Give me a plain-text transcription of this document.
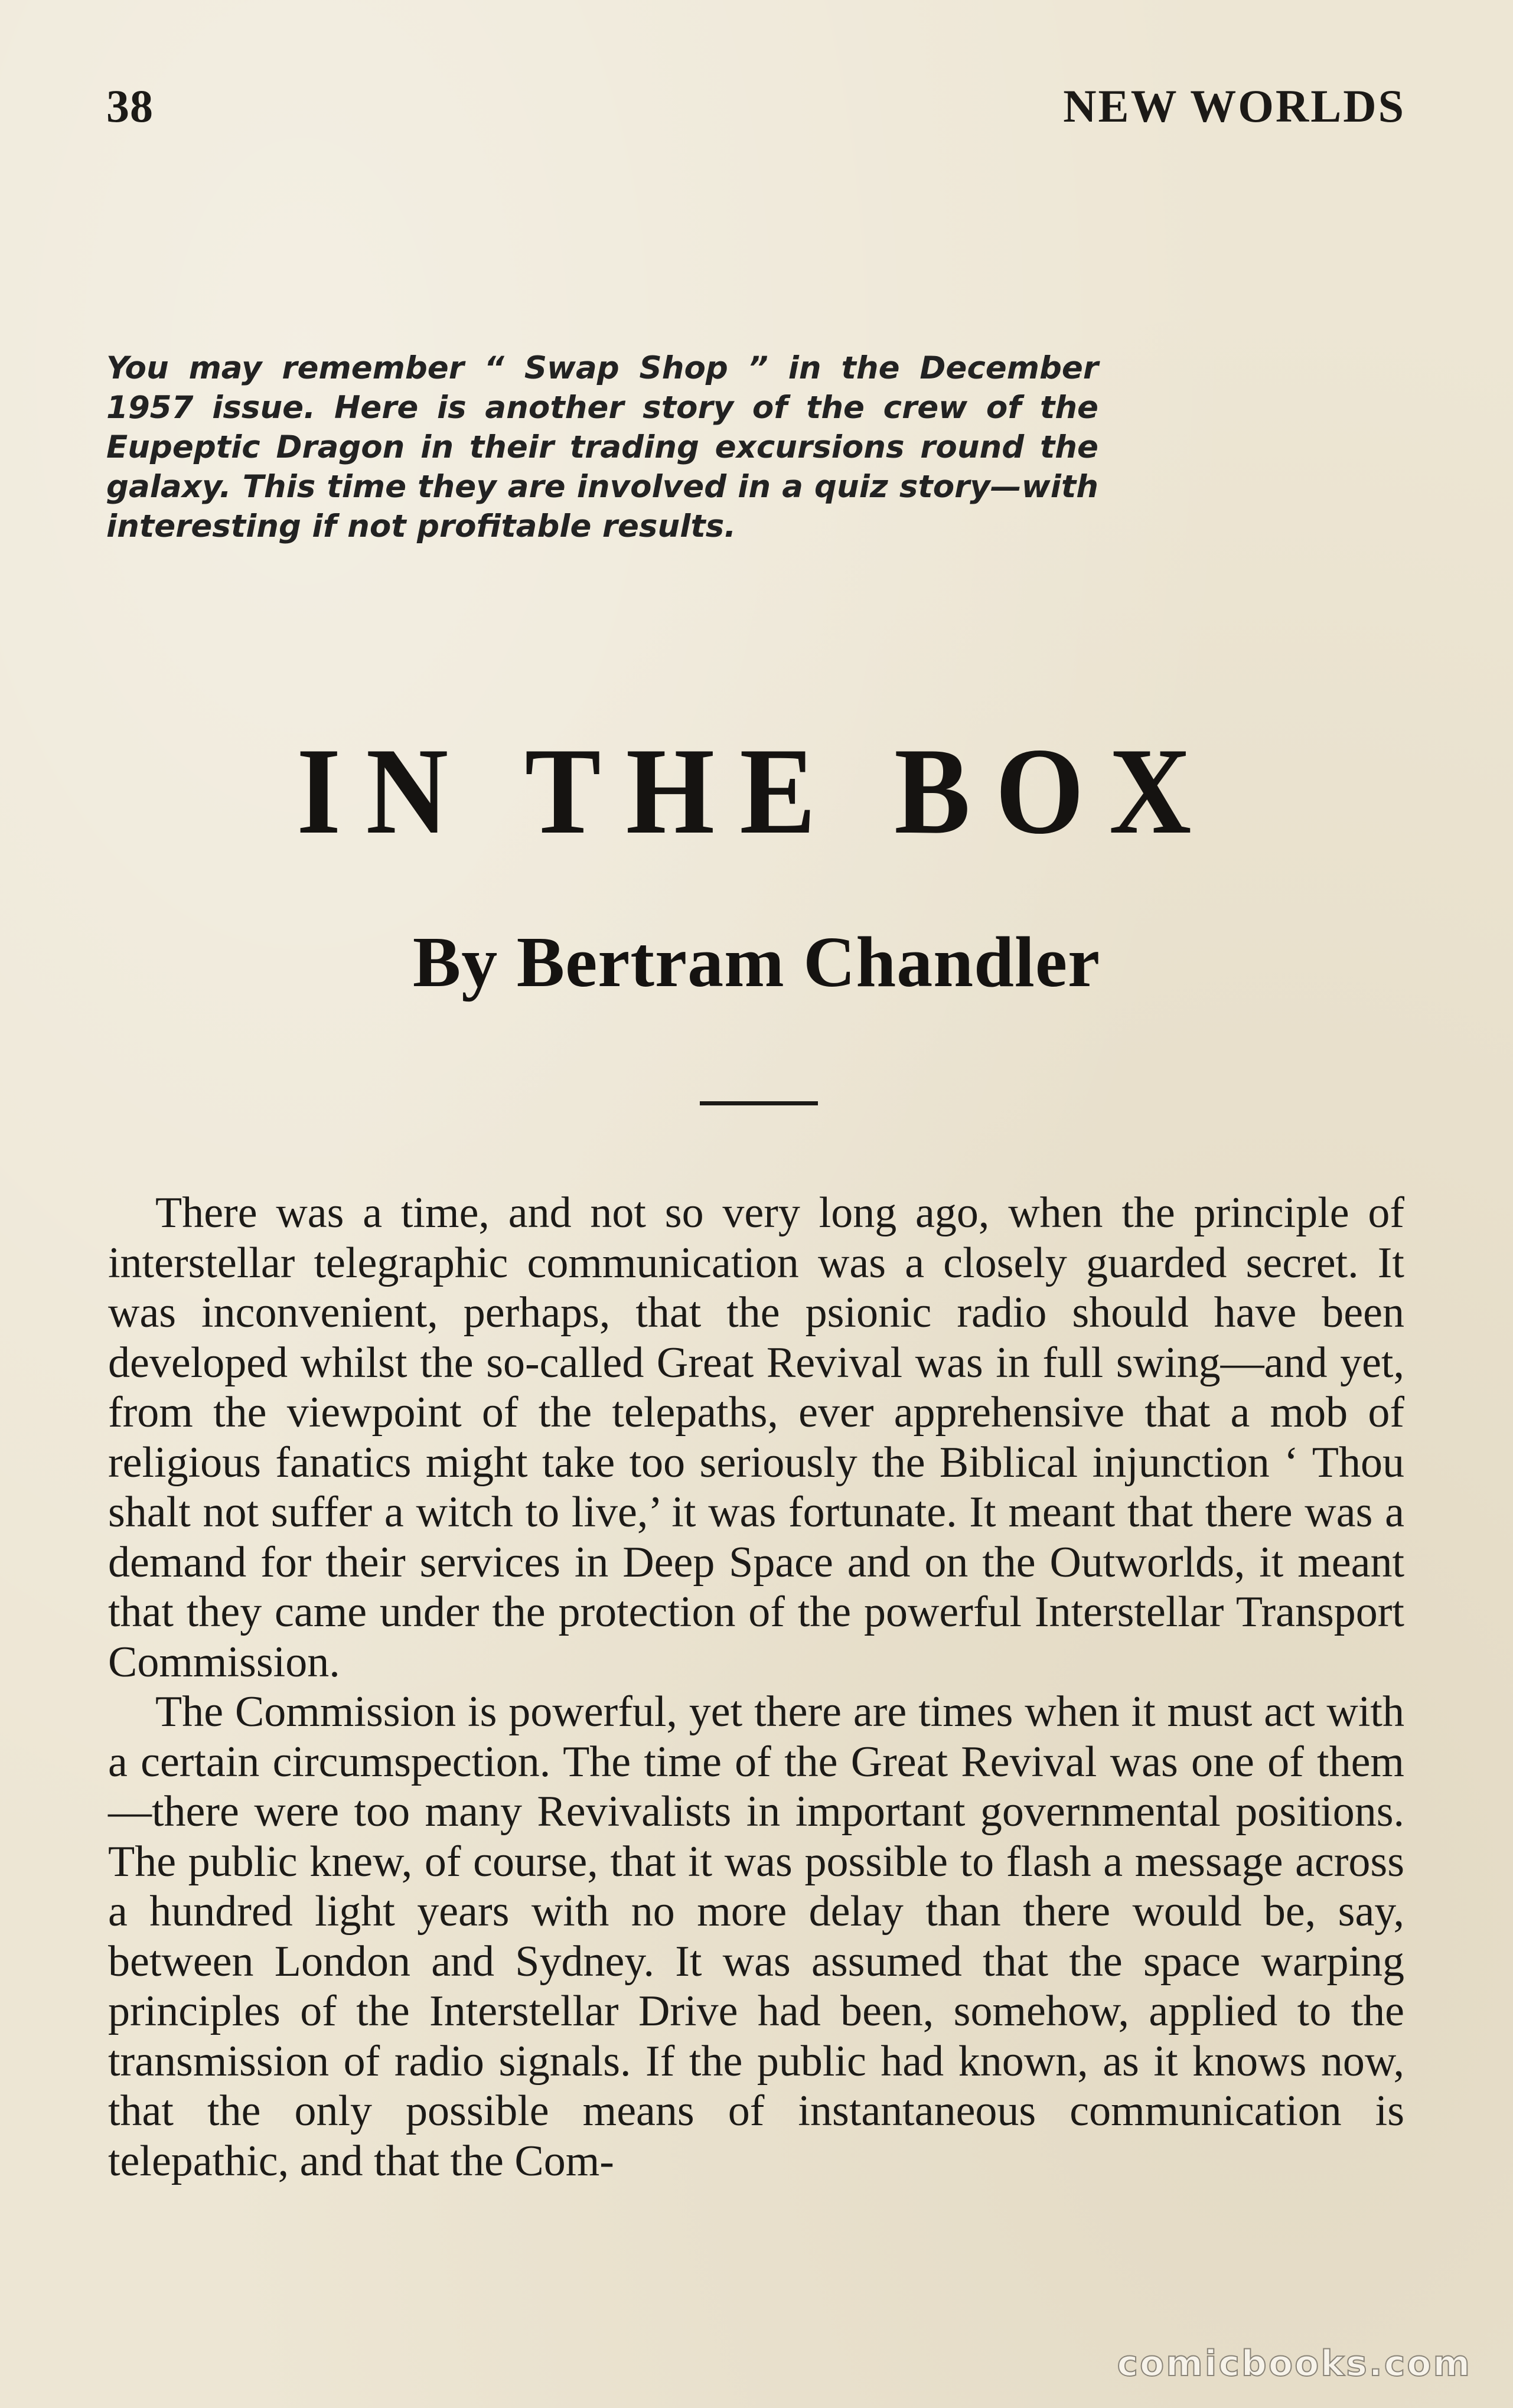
38	NEW WORLDS
You may remember “ Swap Shop ” in the December 1957 issue. Here is another story of the crew of the Eupeptic Dragon in their trading excursions round the galaxy. This time they are involved in a quiz story—with interesting if not profitable results.
IN THE BOX
By Bertram Chandler

There was a time, and not so very long ago, when the principle of interstellar telegraphic communication was a closely guarded secret. It was inconvenient, perhaps, that the psionic radio should have been developed whilst the so-called Great Revival was in full swing—and yet, from the viewpoint of the telepaths, ever apprehensive that a mob of religious fanatics might take too seriously the Biblical injunction ‘ Thou shalt not suffer a witch to live,’ it was fortunate. It meant that there was a demand for their services in Deep Space and on the Outworlds, it meant that they came under the protection of the powerful Interstellar Transport Commission.

The Commission is powerful, yet there are times when it must act with a certain circumspection. The time of the Great Revival was one of them—there were too many Revivalists in important governmental positions. The public knew, of course, that it was possible to flash a message across a hundred light years with no more delay than there would be, say, between London and Sydney. It was assumed that the space warping principles of the Interstellar Drive had been, somehow, applied to the transmission of radio signals. If the public had known, as it knows now, that the only possible means of instantaneous communication is telepathic, and that the Com-

comicbooks.com
